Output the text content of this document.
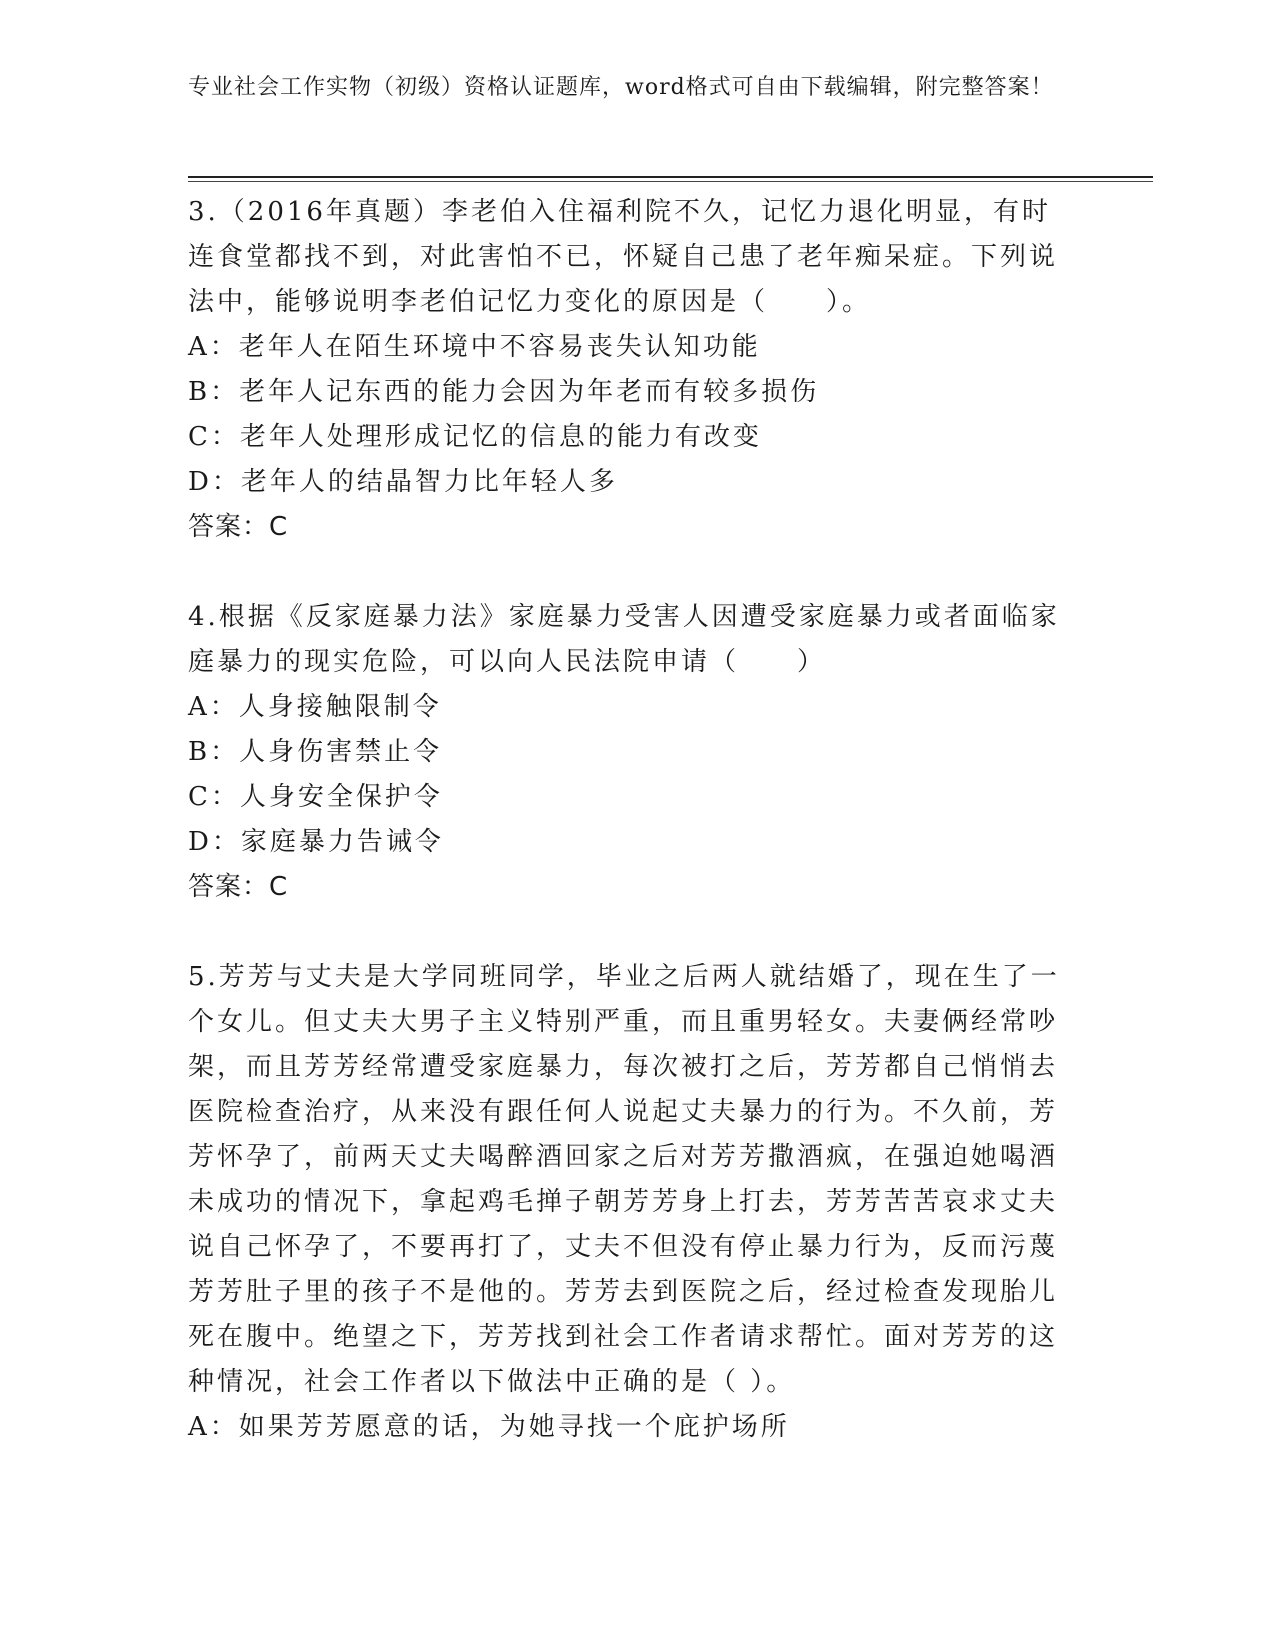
专业社会工作实物（初级）资格认证题库，word格式可自由下载编辑，附完整答案！
3.（2016年真题）李老伯入住福利院不久，记忆力退化明显，有时连食堂都找不到，对此害怕不已，怀疑自己患了老年痴呆症。下列说法中，能够说明李老伯记忆力变化的原因是（　　）。
A：老年人在陌生环境中不容易丧失认知功能
B：老年人记东西的能力会因为年老而有较多损伤
C：老年人处理形成记忆的信息的能力有改变
D：老年人的结晶智力比年轻人多
答案：C
4.根据《反家庭暴力法》家庭暴力受害人因遭受家庭暴力或者面临家庭暴力的现实危险，可以向人民法院申请（　　）
A：人身接触限制令
B：人身伤害禁止令
C：人身安全保护令
D：家庭暴力告诫令
答案：C
5.芳芳与丈夫是大学同班同学，毕业之后两人就结婚了，现在生了一个女儿。但丈夫大男子主义特别严重，而且重男轻女。夫妻俩经常吵架，而且芳芳经常遭受家庭暴力，每次被打之后，芳芳都自己悄悄去医院检查治疗，从来没有跟任何人说起丈夫暴力的行为。不久前，芳芳怀孕了，前两天丈夫喝醉酒回家之后对芳芳撒酒疯，在强迫她喝酒未成功的情况下，拿起鸡毛掸子朝芳芳身上打去，芳芳苦苦哀求丈夫说自己怀孕了，不要再打了，丈夫不但没有停止暴力行为，反而污蔑芳芳肚子里的孩子不是他的。芳芳去到医院之后，经过检查发现胎儿死在腹中。绝望之下，芳芳找到社会工作者请求帮忙。面对芳芳的这种情况，社会工作者以下做法中正确的是（ ）。
A：如果芳芳愿意的话，为她寻找一个庇护场所
